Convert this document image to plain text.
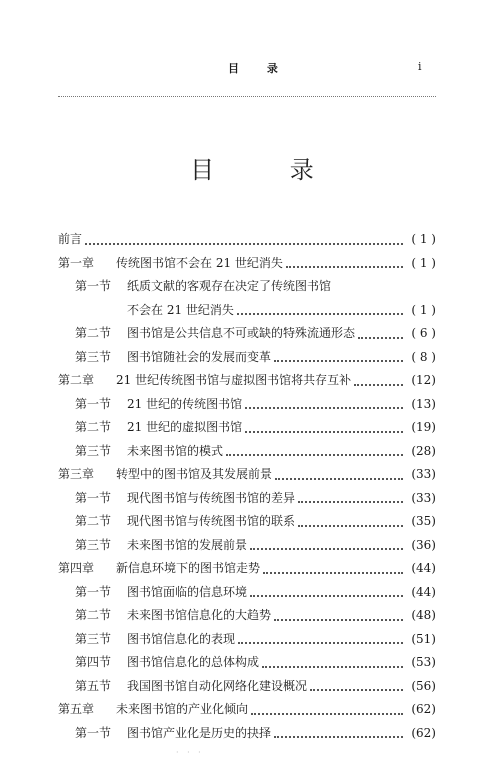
目 录	i
目 录
前言	( 1 )
第一章 传统图书馆不会在 21 世纪消失	( 1 )
第一节 纸质文献的客观存在决定了传统图书馆
不会在 21 世纪消失	( 1 )
第二节 图书馆是公共信息不可或缺的特殊流通形态	( 6 )
第三节 图书馆随社会的发展而变革	( 8 )
第二章 21 世纪传统图书馆与虚拟图书馆将共存互补	(12)
第一节 21 世纪的传统图书馆	(13)
第二节 21 世纪的虚拟图书馆	(19)
第三节 未来图书馆的模式	(28)
第三章 转型中的图书馆及其发展前景	(33)
第一节 现代图书馆与传统图书馆的差异	(33)
第二节 现代图书馆与传统图书馆的联系	(35)
第三节 未来图书馆的发展前景	(36)
第四章 新信息环境下的图书馆走势	(44)
第一节 图书馆面临的信息环境	(44)
第二节 未来图书馆信息化的大趋势	(48)
第三节 图书馆信息化的表现	(51)
第四节 图书馆信息化的总体构成	(53)
第五节 我国图书馆自动化网络化建设概况	(56)
第五章 未来图书馆的产业化倾向	(62)
第一节 图书馆产业化是历史的抉择	(62)
· · ·
